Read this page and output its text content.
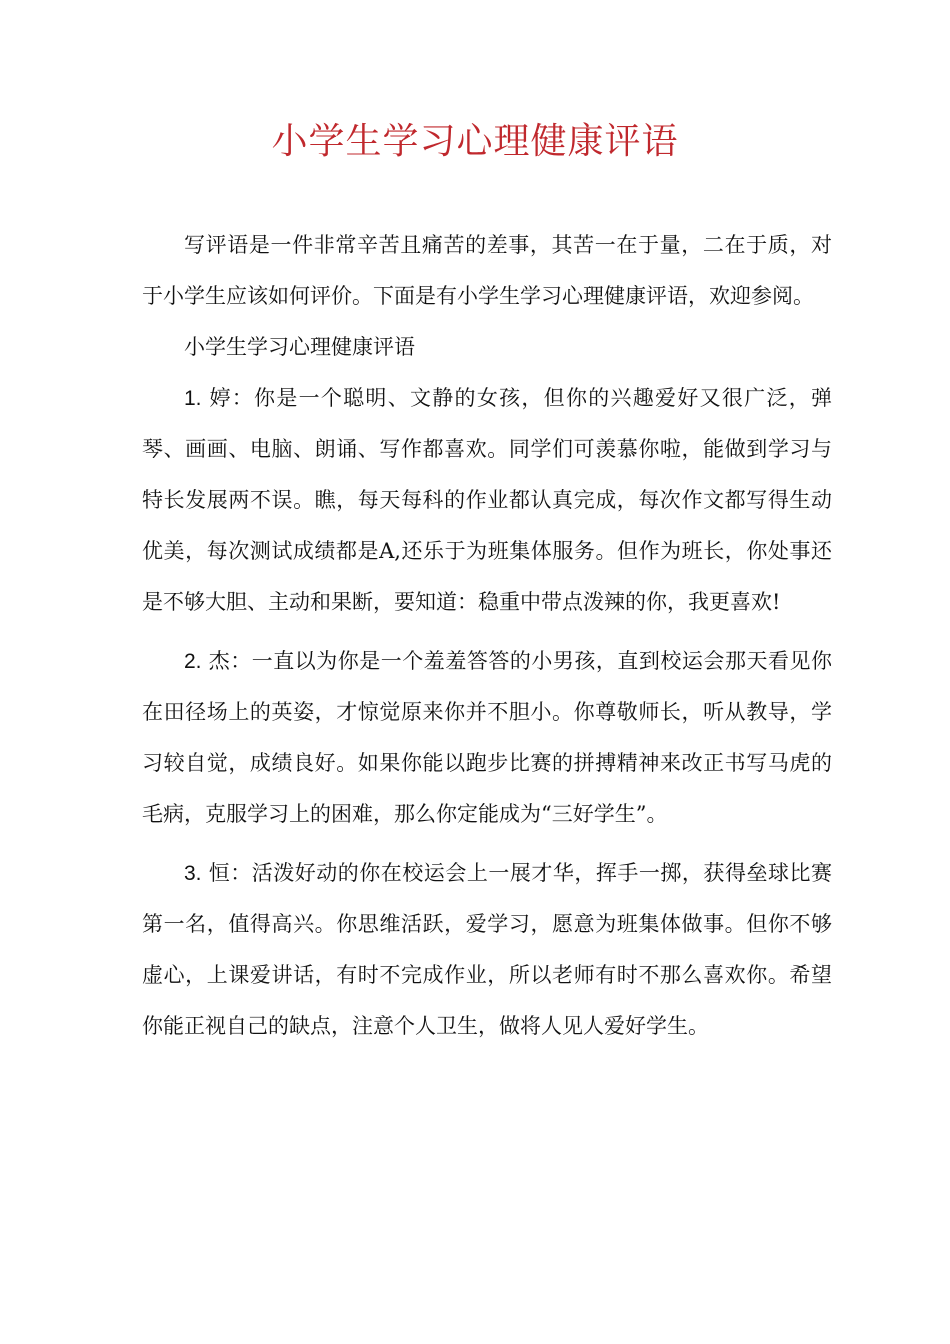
小学生学习心理健康评语

写评语是一件非常辛苦且痛苦的差事，其苦一在于量，二在于质，对于小学生应该如何评价。下面是有小学生学习心理健康评语，欢迎参阅。

小学生学习心理健康评语

1. 婷：你是一个聪明、文静的女孩，但你的兴趣爱好又很广泛，弹琴、画画、电脑、朗诵、写作都喜欢。同学们可羡慕你啦，能做到学习与特长发展两不误。瞧，每天每科的作业都认真完成，每次作文都写得生动优美，每次测试成绩都是A,还乐于为班集体服务。但作为班长，你处事还是不够大胆、主动和果断，要知道：稳重中带点泼辣的你，我更喜欢!

2. 杰：一直以为你是一个羞羞答答的小男孩，直到校运会那天看见你在田径场上的英姿，才惊觉原来你并不胆小。你尊敬师长，听从教导，学习较自觉，成绩良好。如果你能以跑步比赛的拼搏精神来改正书写马虎的毛病，克服学习上的困难，那么你定能成为“三好学生”。

3. 恒：活泼好动的你在校运会上一展才华，挥手一掷，获得垒球比赛第一名，值得高兴。你思维活跃，爱学习，愿意为班集体做事。但你不够虚心，上课爱讲话，有时不完成作业，所以老师有时不那么喜欢你。希望你能正视自己的缺点，注意个人卫生，做将人见人爱好学生。
